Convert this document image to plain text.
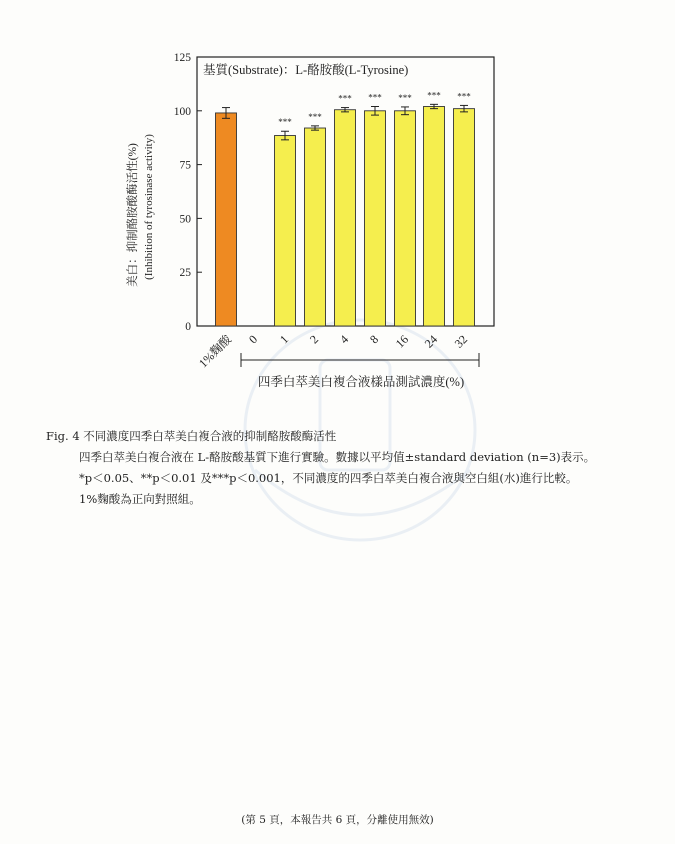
基質(Substrate)：L-酪胺酸(L-Tyrosine)
0
25
50
75
100
125
美白：抑制酪胺酸酶活性(%) (Inhibition of tyrosinase activity)
1%麴酸 0
***
1
***
2
***
4
***
8
***
16
***
24
***
32
四季白萃美白複合液樣品測試濃度(%)
Fig. 4 不同濃度四季白萃美白複合液的抑制酪胺酸酶活性
四季白萃美白複合液在 L-酪胺酸基質下進行實驗。數據以平均值±standard deviation (n=3)表示。
*p＜0.05、**p＜0.01 及***p＜0.001，不同濃度的四季白萃美白複合液與空白組(水)進行比較。
1%麴酸為正向對照組。
(第 5 頁，本報告共 6 頁，分離使用無效)
